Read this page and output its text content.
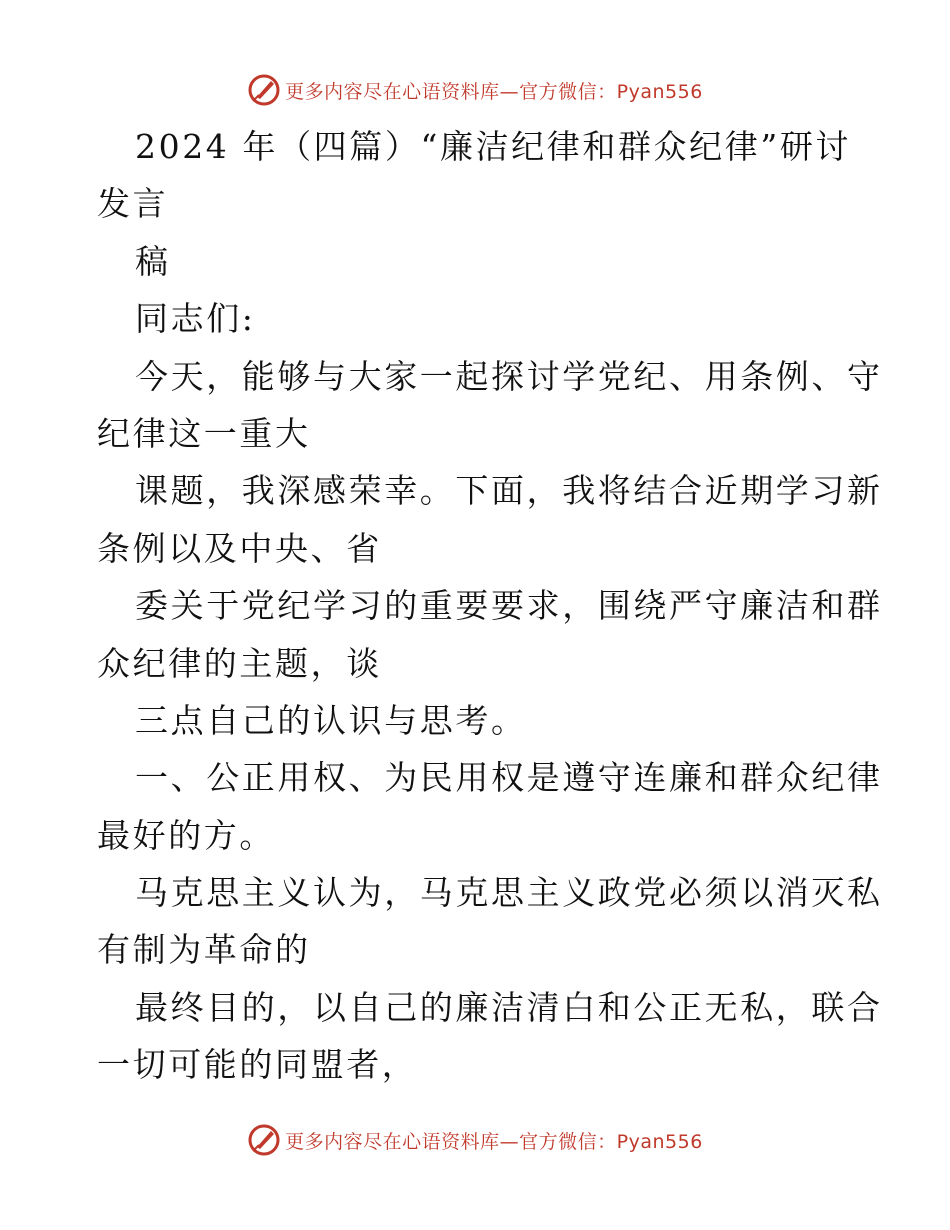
更多内容尽在心语资料库—官方微信：Pyan556
2024 年（四篇）“廉洁纪律和群众纪律”研讨
发言
稿
同志们:
今天，能够与大家一起探讨学党纪、用条例、守
纪律这一重大
课题，我深感荣幸。下面，我将结合近期学习新
条例以及中央、省
委关于党纪学习的重要要求，围绕严守廉洁和群
众纪律的主题，谈
三点自己的认识与思考。
一、公正用权、为民用权是遵守连廉和群众纪律
最好的方。
马克思主义认为，马克思主义政党必须以消灭私
有制为革命的
最终目的，以自己的廉洁清白和公正无私，联合
一切可能的同盟者，
更多内容尽在心语资料库—官方微信：Pyan556
